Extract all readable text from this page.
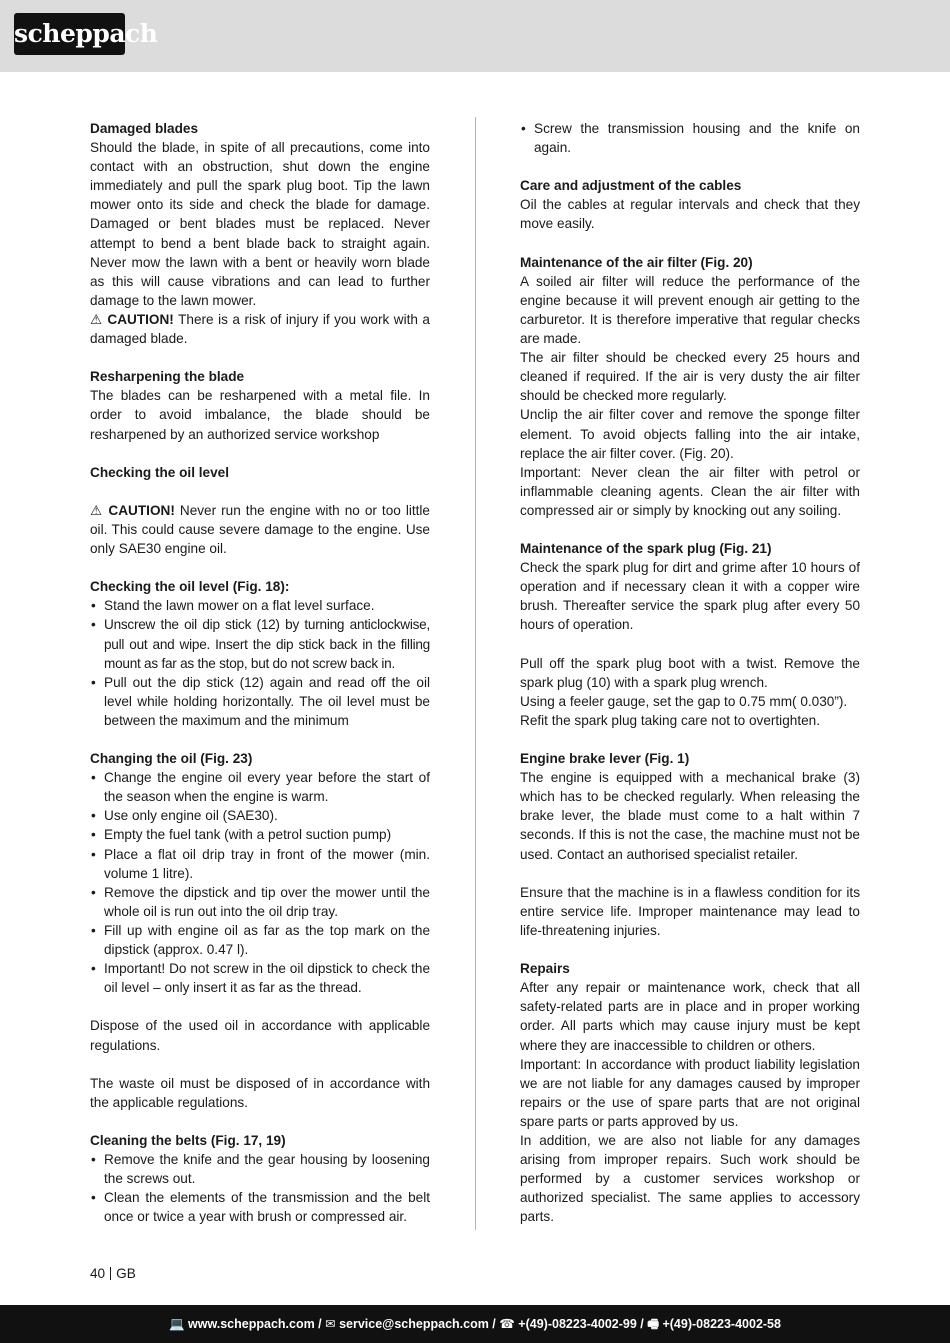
scheppach
Damaged blades
Should the blade, in spite of all precautions, come into contact with an obstruction, shut down the engine immediately and pull the spark plug boot. Tip the lawn mower onto its side and check the blade for damage. Damaged or bent blades must be replaced. Never attempt to bend a bent blade back to straight again. Never mow the lawn with a bent or heavily worn blade as this will cause vibrations and can lead to further damage to the lawn mower.
⚠ CAUTION! There is a risk of injury if you work with a damaged blade.
Resharpening the blade
The blades can be resharpened with a metal file. In order to avoid imbalance, the blade should be resharpened by an authorized service workshop
Checking the oil level
⚠ CAUTION! Never run the engine with no or too little oil. This could cause severe damage to the engine. Use only SAE30 engine oil.
Checking the oil level (Fig. 18):
• Stand the lawn mower on a flat level surface.
• Unscrew the oil dip stick (12) by turning anticlockwise, pull out and wipe. Insert the dip stick back in the filling mount as far as the stop, but do not screw back in.
• Pull out the dip stick (12) again and read off the oil level while holding horizontally. The oil level must be between the maximum and the minimum
Changing the oil (Fig. 23)
• Change the engine oil every year before the start of the season when the engine is warm.
• Use only engine oil (SAE30).
• Empty the fuel tank (with a petrol suction pump)
• Place a flat oil drip tray in front of the mower (min. volume 1 litre).
• Remove the dipstick and tip over the mower until the whole oil is run out into the oil drip tray.
• Fill up with engine oil as far as the top mark on the dipstick (approx. 0.47 l).
• Important! Do not screw in the oil dipstick to check the oil level – only insert it as far as the thread.
Dispose of the used oil in accordance with applicable regulations.
The waste oil must be disposed of in accordance with the applicable regulations.
Cleaning the belts (Fig. 17, 19)
• Remove the knife and the gear housing by loosening the screws out.
• Clean the elements of the transmission and the belt once or twice a year with brush or compressed air.
• Screw the transmission housing and the knife on again.
Care and adjustment of the cables
Oil the cables at regular intervals and check that they move easily.
Maintenance of the air filter (Fig. 20)
A soiled air filter will reduce the performance of the engine because it will prevent enough air getting to the carburetor. It is therefore imperative that regular checks are made.
The air filter should be checked every 25 hours and cleaned if required. If the air is very dusty the air filter should be checked more regularly.
Unclip the air filter cover and remove the sponge filter element. To avoid objects falling into the air intake, replace the air filter cover. (Fig. 20).
Important: Never clean the air filter with petrol or inflammable cleaning agents. Clean the air filter with compressed air or simply by knocking out any soiling.
Maintenance of the spark plug (Fig. 21)
Check the spark plug for dirt and grime after 10 hours of operation and if necessary clean it with a copper wire brush. Thereafter service the spark plug after every 50 hours of operation.
Pull off the spark plug boot with a twist. Remove the spark plug (10) with a spark plug wrench.
Using a feeler gauge, set the gap to 0.75 mm( 0.030”).
Refit the spark plug taking care not to overtighten.
Engine brake lever (Fig. 1)
The engine is equipped with a mechanical brake (3) which has to be checked regularly. When releasing the brake lever, the blade must come to a halt within 7 seconds. If this is not the case, the machine must not be used. Contact an authorised specialist retailer.
Ensure that the machine is in a flawless condition for its entire service life. Improper maintenance may lead to life-threatening injuries.
Repairs
After any repair or maintenance work, check that all safety-related parts are in place and in proper working order. All parts which may cause injury must be kept where they are inaccessible to children or others.
Important: In accordance with product liability legislation we are not liable for any damages caused by improper repairs or the use of spare parts that are not original spare parts or parts approved by us.
In addition, we are also not liable for any damages arising from improper repairs. Such work should be performed by a customer services workshop or authorized specialist. The same applies to accessory parts.
40 GB
💻 www.scheppach.com / ✉ service@scheppach.com / ☎ +(49)-08223-4002-99 / 🖷 +(49)-08223-4002-58
